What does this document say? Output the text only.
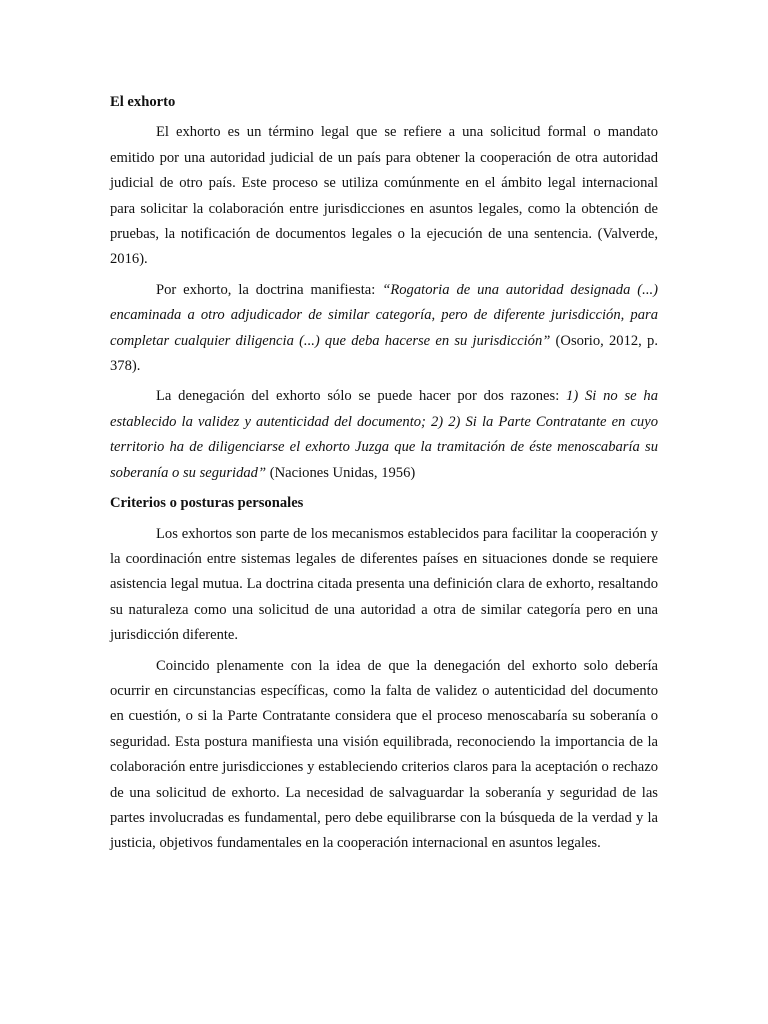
El exhorto

El exhorto es un término legal que se refiere a una solicitud formal o mandato emitido por una autoridad judicial de un país para obtener la cooperación de otra autoridad judicial de otro país. Este proceso se utiliza comúnmente en el ámbito legal internacional para solicitar la colaboración entre jurisdicciones en asuntos legales, como la obtención de pruebas, la notificación de documentos legales o la ejecución de una sentencia. (Valverde, 2016).

Por exhorto, la doctrina manifiesta: “Rogatoria de una autoridad designada (...) encaminada a otro adjudicador de similar categoría, pero de diferente jurisdicción, para completar cualquier diligencia (...) que deba hacerse en su jurisdicción” (Osorio, 2012, p. 378).

La denegación del exhorto sólo se puede hacer por dos razones: 1) Si no se ha establecido la validez y autenticidad del documento; 2) 2) Si la Parte Contratante en cuyo territorio ha de diligenciarse el exhorto Juzga que la tramitación de éste menoscabaría su soberanía o su seguridad” (Naciones Unidas, 1956)

Criterios o posturas personales

Los exhortos son parte de los mecanismos establecidos para facilitar la cooperación y la coordinación entre sistemas legales de diferentes países en situaciones donde se requiere asistencia legal mutua. La doctrina citada presenta una definición clara de exhorto, resaltando su naturaleza como una solicitud de una autoridad a otra de similar categoría pero en una jurisdicción diferente.

Coincido plenamente con la idea de que la denegación del exhorto solo debería ocurrir en circunstancias específicas, como la falta de validez o autenticidad del documento en cuestión, o si la Parte Contratante considera que el proceso menoscabaría su soberanía o seguridad. Esta postura manifiesta una visión equilibrada, reconociendo la importancia de la colaboración entre jurisdicciones y estableciendo criterios claros para la aceptación o rechazo de una solicitud de exhorto. La necesidad de salvaguardar la soberanía y seguridad de las partes involucradas es fundamental, pero debe equilibrarse con la búsqueda de la verdad y la justicia, objetivos fundamentales en la cooperación internacional en asuntos legales.
